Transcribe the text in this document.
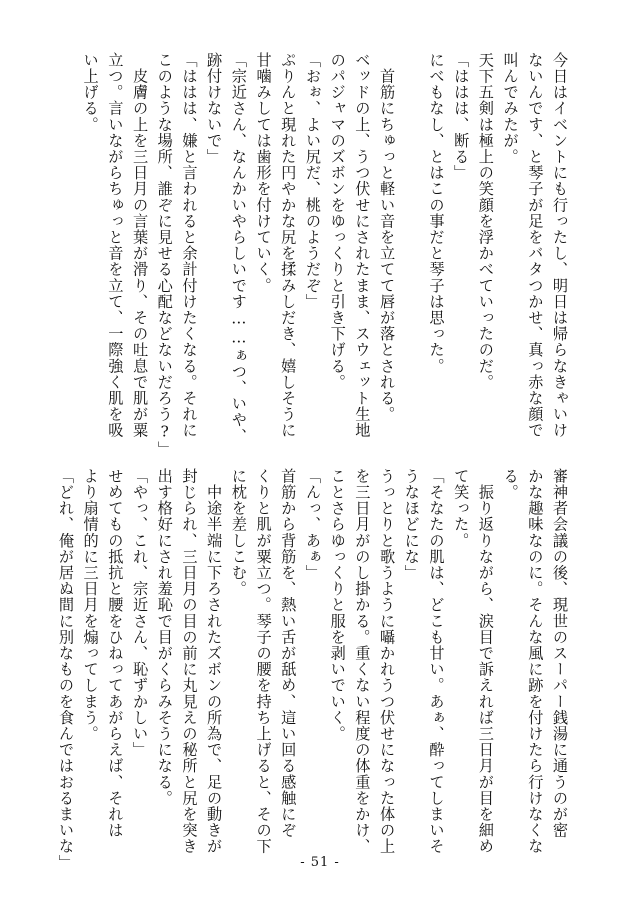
今日はイベントにも行ったし、明日は帰らなきゃいけ
ないんです、と琴子が足をバタつかせ、真っ赤な顔で
叫んでみたが。
天下五剣は極上の笑顔を浮かべていったのだ。
「ははは、断る」
にべもなし、とはこの事だと琴子は思った。

　首筋にちゅっと軽い音を立てて唇が落とされる。
ベッドの上、うつ伏せにされたまま、スウェット生地
のパジャマのズボンをゆっくりと引き下げる。
「おぉ、よい尻だ、桃のようだぞ」
ぷりんと現れた円やかな尻を揉みしだき、嬉しそうに
甘噛みしては歯形を付けていく。
「宗近さん、なんかいやらしいです……ぁつ、いや、
跡付けないで」
「ははは、嫌と言われると余計付けたくなる。それに
このような場所、誰ぞに見せる心配などないだろう?」
　皮膚の上を三日月の言葉が滑り、その吐息で肌が粟
立つ。言いながらちゅっと音を立て、一際強く肌を吸
い上げる。
審神者会議の後、現世のスーパー銭湯に通うのが密
かな趣味なのに。そんな風に跡を付けたら行けなくな
る。
　振り返りながら、涙目で訴えれば三日月が目を細め
て笑った。
「そなたの肌は、どこも甘い。あぁ、酔ってしまいそ
うなほどにな」
うっとりと歌うように囁かれうつ伏せになった体の上
を三日月がのし掛かる。重くない程度の体重をかけ、
ことさらゆっくりと服を剥いでいく。
「んっ、あぁ」
首筋から背筋を、熱い舌が舐め、這い回る感触にぞ
くりと肌が粟立つ。琴子の腰を持ち上げると、その下
に枕を差しこむ。
　中途半端に下ろされたズボンの所為で、足の動きが
封じられ、三日月の目の前に丸見えの秘所と尻を突き
出す格好にされ羞恥で目がくらみそうになる。
「やっ、これ、宗近さん、恥ずかしい」
せめてもの抵抗と腰をひねってあがらえば、それは
より扇情的に三日月を煽ってしまう。
「どれ、俺が居ぬ間に別なものを食んではおるまいな」	- 51 -
